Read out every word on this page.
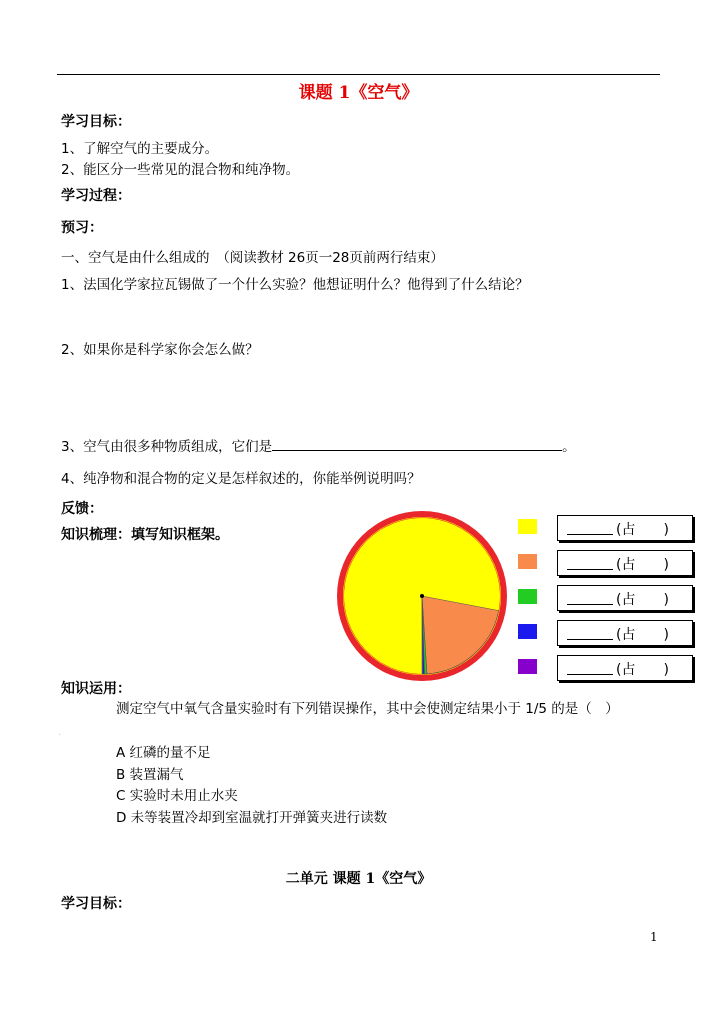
课题 1《空气》
学习目标：
1、了解空气的主要成分。
2、能区分一些常见的混合物和纯净物。
学习过程：
预习：
一、空气是由什么组成的　（阅读教材 26页一28页前两行结束）
1、法国化学家拉瓦锡做了一个什么实验？他想证明什么？他得到了什么结论？
2、如果你是科学家你会怎么做？
3、空气由很多种物质组成，它们是	。
4、纯净物和混合物的定义是怎样叙述的，你能举例说明吗？
反馈：
知识梳理：填写知识框架。	(占　　)
(占　　)
(占　　)
(占　　)
(占　　)
知识运用：
测定空气中氧气含量实验时有下列错误操作，其中会使测定结果小于 1/5 的是（　）
'
A 红磷的量不足
B 装置漏气
C 实验时未用止水夹
D 未等装置冷却到室温就打开弹簧夹进行读数
二单元 课题 1《空气》
学习目标：
1
